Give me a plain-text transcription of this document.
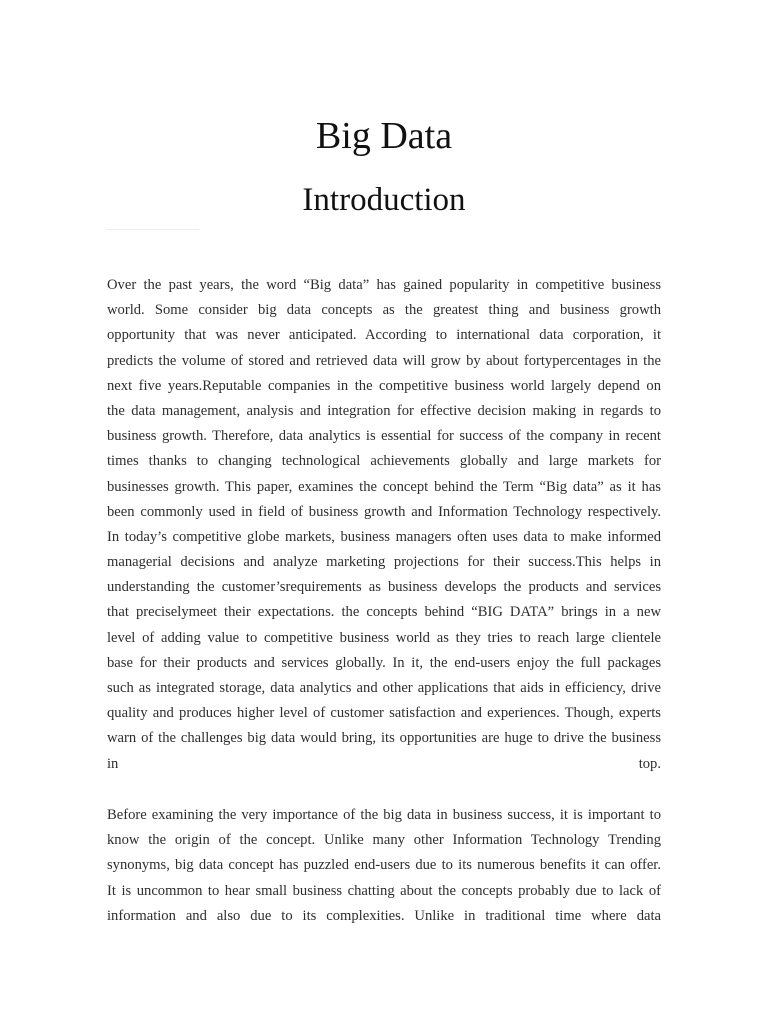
Big Data
Introduction
Over the past years, the word “Big data” has gained popularity in competitive business
world. Some consider big data concepts as the greatest thing and business growth
opportunity that was never anticipated. According to international data corporation, it
predicts the volume of stored and retrieved data will grow by about fortypercentages in the
next five years.Reputable companies in the competitive business world largely depend on
the data management, analysis and integration for effective decision making in regards to
business growth. Therefore, data analytics is essential for success of the company in recent
times thanks to changing technological achievements globally and large markets for
businesses growth. This paper, examines the concept behind the Term “Big data” as it has
been commonly used in field of business growth and Information Technology respectively.
In today’s competitive globe markets, business managers often uses data to make informed
managerial decisions and analyze marketing projections for their success.This helps in
understanding the customer’srequirements as business develops the products and services
that preciselymeet their expectations. the concepts behind “BIG DATA” brings in a new
level of adding value to competitive business world as they tries to reach large clientele
base for their products and services globally. In it, the end-users enjoy the full packages
such as integrated storage, data analytics and other applications that aids in efficiency, drive
quality and produces higher level of customer satisfaction and experiences. Though, experts
warn of the challenges big data would bring, its opportunities are huge to drive the business
in top.
Before examining the very importance of the big data in business success, it is important to
know the origin of the concept. Unlike many other Information Technology Trending
synonyms, big data concept has puzzled end-users due to its numerous benefits it can offer.
It is uncommon to hear small business chatting about the concepts probably due to lack of
information and also due to its complexities. Unlike in traditional time where data
